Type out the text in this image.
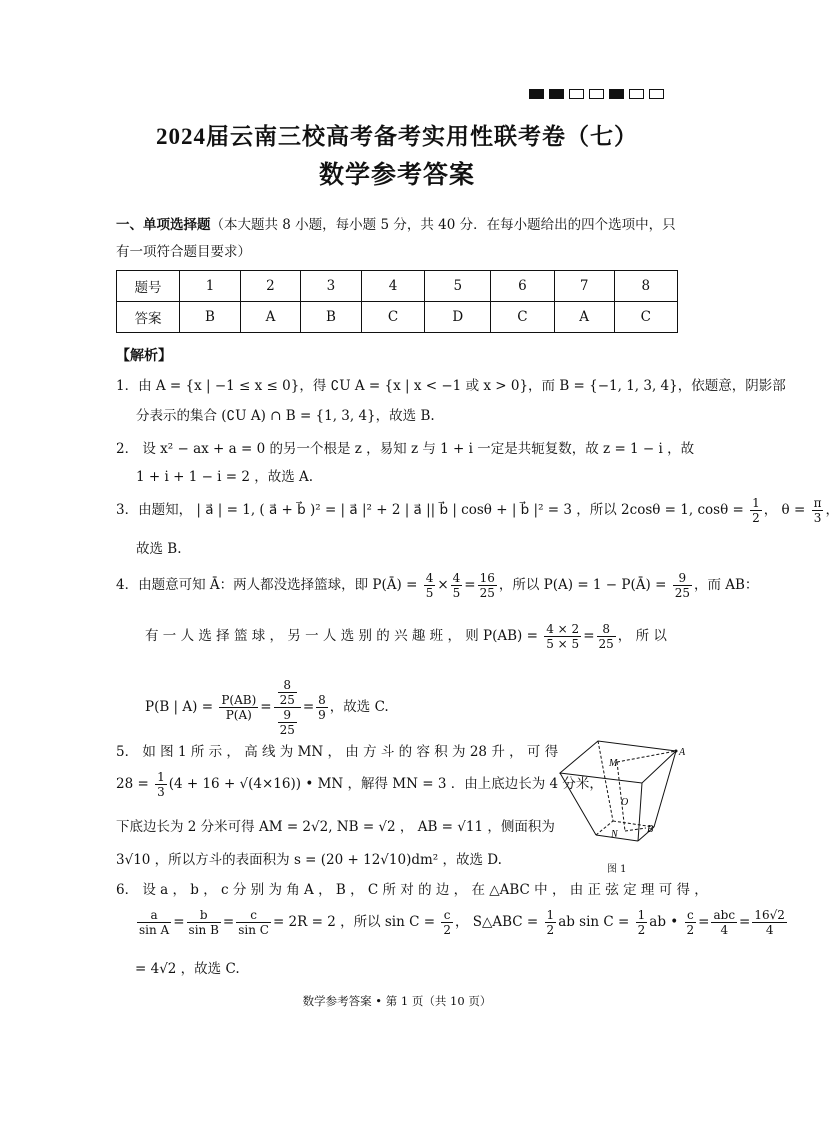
2024届云南三校高考备考实用性联考卷（七）
数学参考答案
一、单项选择题（本大题共 8 小题，每小题 5 分，共 40 分．在每小题给出的四个选项中，只有一项符合题目要求）
题号	1	2	3	4	5	6	7	8
答案	B	A	B	C	D	C	A	C
【解析】
1．由 A = {x | −1 ≤ x ≤ 0}，得 ∁U A = {x | x < −1 或 x > 0}，而 B = {−1, 1, 3, 4}，依题意，阴影部
分表示的集合 (∁U A) ∩ B = {1, 3, 4}，故选 B.
2． 设 x² − ax + a = 0 的另一个根是 z ，易知 z 与 1 + i 一定是共轭复数，故 z = 1 − i ，故
1 + i + 1 − i = 2 ，故选 A.
3．由题知， | a⃗ | = 1, ( a⃗ + b⃗ )² = | a⃗ |² + 2 | a⃗ || b⃗ | cosθ + | b⃗ |² = 3 ，所以 2cosθ = 1, $\cos\theta = \frac{1}{2}$ ， $\theta = \frac{\pi}{3}$ ，
故选 B.
4．由题意可知 Ā：两人都没选择篮球，即 P(Ā) = $\frac{4}{5} \times \frac{4}{5} = \frac{16}{25}$ ，所以 P(A) = 1 − P(Ā) = $\frac{9}{25}$ ，而 AB：
有 一 人 选 择 篮 球 ， 另 一 人 选 别 的 兴 趣 班 ， 则 $P(AB) = \frac{4 \times 2}{5 \times 5} = \frac{8}{25}$ ， 所 以
P(B | $A) = \frac{P(AB)}{P(A)} = \frac{\frac{8}{25}}{\frac{9}{25}} = \frac{8}{9}$ ，故选 C.
5． 如 图 1 所 示 ， 高 线 为 MN ， 由 方 斗 的 容 积 为 28 升 ， 可 得
$28 = \frac{1}{3} (4 + 16 + √(4\times 16))$ • MN ，解得 MN = 3 ．由上底边长为 4 分米，
下底边长为 2 分米可得 AM = 2√2, NB = √2 ， AB = √11 ，侧面积为
3√10 ，所以方斗的表面积为 s = (20 + 12√10)dm² ，故选 D.
A
M
O
N	B
图 1
6． 设 a ， b ， c 分 别 为 角 A ， B ， C 所 对 的 边 ， 在 △ABC 中 ， 由 正 弦 定 理 可 得 ，
$\frac{a}{\text{sin A}} = \frac{b}{\text{sin B}} = \frac{c}{\text{sin C}} = 2R = 2$ ，所以 $\sin C = \frac{c}{2}$ ， S△ABC = $\frac{1}{2}$ ab $\sin C = \frac{1}{2}$ ab • $\frac{c}{2} = \frac{\text{abc}}{4} = \frac{16√2}{4}$
= 4√2 ，故选 C.
数学参考答案 • 第 1 页（共 10 页）
